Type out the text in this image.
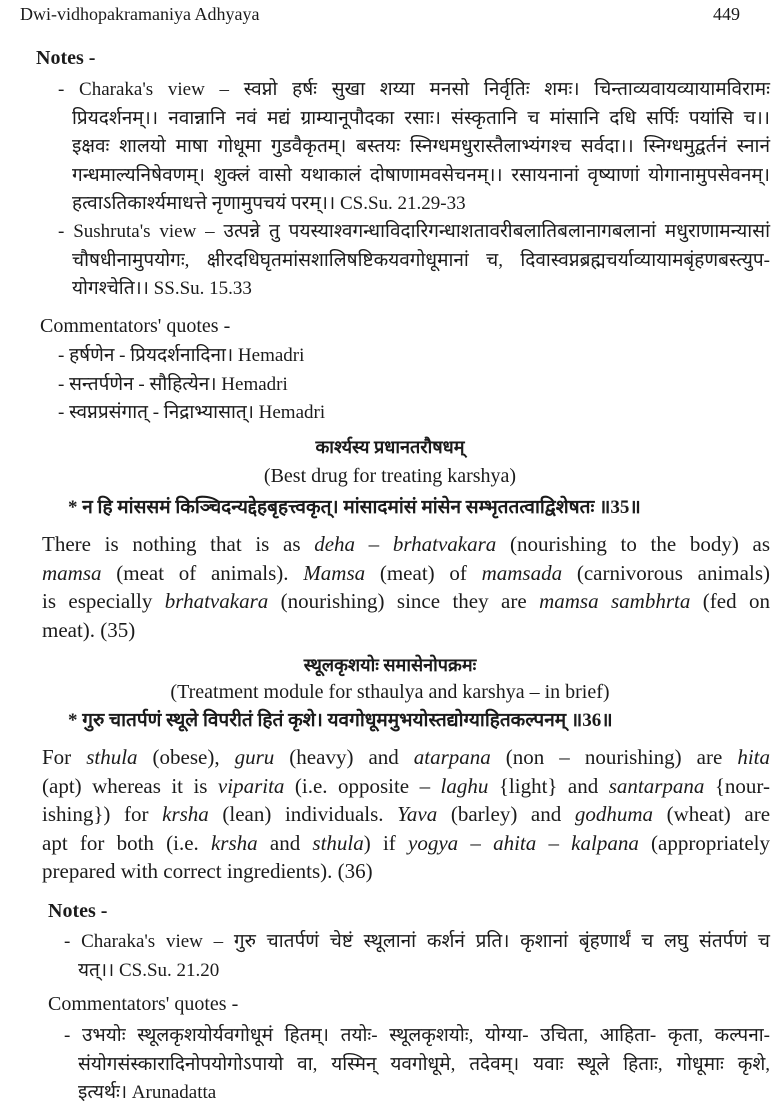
Dwi-vidhopakramaniya Adhyaya	449
Notes -
- Charaka's view – स्वप्नो हर्षः सुखा शय्या मनसो निर्वृतिः शमः। चिन्ताव्यवायव्यायामविरामः
प्रियदर्शनम्।। नवान्नानि नवं मद्यं ग्राम्यानूपौदका रसाः। संस्कृतानि च मांसानि दधि सर्पिः पयांसि च।।
इक्षवः शालयो माषा गोधूमा गुडवैकृतम्। बस्तयः स्निग्धमधुरास्तैलाभ्यंगश्च सर्वदा।। स्निग्धमुद्वर्तनं स्नानं
गन्धमाल्यनिषेवणम्। शुक्लं वासो यथाकालं दोषाणामवसेचनम्।। रसायनानां वृष्याणां योगानामुपसेवनम्।
हत्वाऽतिकार्श्यमाधत्ते नृणामुपचयं परम्।। CS.Su. 21.29-33
- Sushruta's view – उत्पन्ने तु पयस्याश्वगन्धाविदारिगन्धाशतावरीबलातिबलानागबलानां मधुराणामन्यासां
चौषधीनामुपयोगः, क्षीरदधिघृतमांसशालिषष्टिकयवगोधूमानां च, दिवास्वप्नब्रह्मचर्याव्यायामबृंहणबस्त्युप-
योगश्चेति।। SS.Su. 15.33
Commentators' quotes -
- हर्षणेन - प्रियदर्शनादिना। Hemadri
- सन्तर्पणेन - सौहित्येन। Hemadri
- स्वप्नप्रसंगात् - निद्राभ्यासात्। Hemadri
कार्श्यस्य प्रधानतरौषधम्
(Best drug for treating karshya)
* न हि मांससमं किञ्चिदन्यद्देहबृहत्त्वकृत्। मांसादमांसं मांसेन सम्भृततत्वाद्विशेषतः ॥35॥
There is nothing that is as deha – brhatvakara (nourishing to the body) as
mamsa (meat of animals). Mamsa (meat) of mamsada (carnivorous animals)
is especially brhatvakara (nourishing) since they are mamsa sambhrta (fed on
meat). (35)
स्थूलकृशयोः समासेनोपक्रमः
(Treatment module for sthaulya and karshya – in brief)
* गुरु चातर्पणं स्थूले विपरीतं हितं कृशे। यवगोधूममुभयोस्तद्योग्याहितकल्पनम् ॥36॥
For sthula (obese), guru (heavy) and atarpana (non – nourishing) are hita
(apt) whereas it is viparita (i.e. opposite – laghu {light} and santarpana {nour-
ishing}) for krsha (lean) individuals. Yava (barley) and godhuma (wheat) are
apt for both (i.e. krsha and sthula) if yogya – ahita – kalpana (appropriately
prepared with correct ingredients). (36)
Notes -
- Charaka's view – गुरु चातर्पणं चेष्टं स्थूलानां कर्शनं प्रति। कृशानां बृंहणार्थं च लघु संतर्पणं च
यत्।। CS.Su. 21.20
Commentators' quotes -
- उभयोः स्थूलकृशयोर्यवगोधूमं हितम्। तयोः- स्थूलकृशयोः, योग्या- उचिता, आहिता- कृता, कल्पना-
संयोगसंस्कारादिनोपयोगोऽपायो वा, यस्मिन् यवगोधूमे, तदेवम्। यवाः स्थूले हिताः, गोधूमाः कृशे,
इत्यर्थः। Arunadatta
